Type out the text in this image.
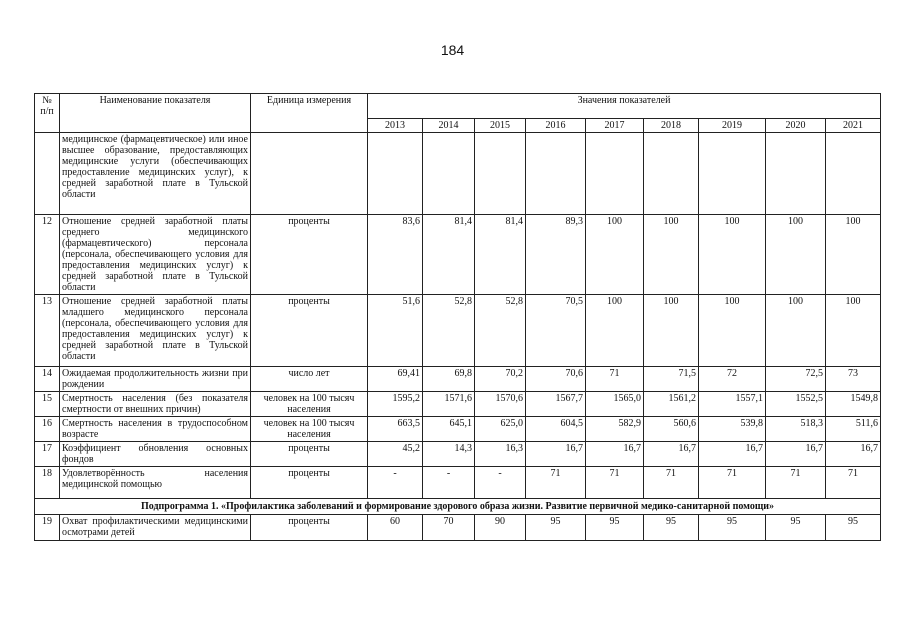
184
№
п/п	Наименование показателя	Единица измерения	Значения показателей								
			2013	2014	2015	2016	2017	2018	2019	2020	2021
	медицинское (фармацевтическое) или иное высшее образование, предоставляющих медицинские услуги (обеспечивающих предоставление медицинских услуг), к средней заработной плате в Тульской области										
12	Отношение средней заработной платы среднего медицинского (фармацевтического) персонала (персонала, обеспечивающего условия для предоставления медицинских услуг) к средней заработной плате в Тульской области	проценты	83,6	81,4	81,4	89,3	100	100	100	100	100
13	Отношение средней заработной платы младшего медицинского персонала (персонала, обеспечивающего условия для предоставления медицинских услуг) к средней заработной плате в Тульской области	проценты	51,6	52,8	52,8	70,5	100	100	100	100	100
14	Ожидаемая продолжительность жизни при рождении	число лет	69,41	69,8	70,2	70,6	71	71,5	72	72,5	73
15	Смертность населения (без показателя смертности от внешних причин)	человек на 100 тысяч населения	1595,2	1571,6	1570,6	1567,7	1565,0	1561,2	1557,1	1552,5	1549,8
16	Смертность населения в трудоспособном возрасте	человек на 100 тысяч населения	663,5	645,1	625,0	604,5	582,9	560,6	539,8	518,3	511,6
17	Коэффициент обновления основных фондов	проценты	45,2	14,3	16,3	16,7	16,7	16,7	16,7	16,7	16,7
18	Удовлетворённость населения медицинской помощью	проценты	-	-	-	71	71	71	71	71	71
Подпрограмма 1. «Профилактика заболеваний и формирование здорового образа жизни. Развитие первичной медико-санитарной помощи»											
19	Охват профилактическими медицинскими осмотрами детей	проценты	60	70	90	95	95	95	95	95	95
